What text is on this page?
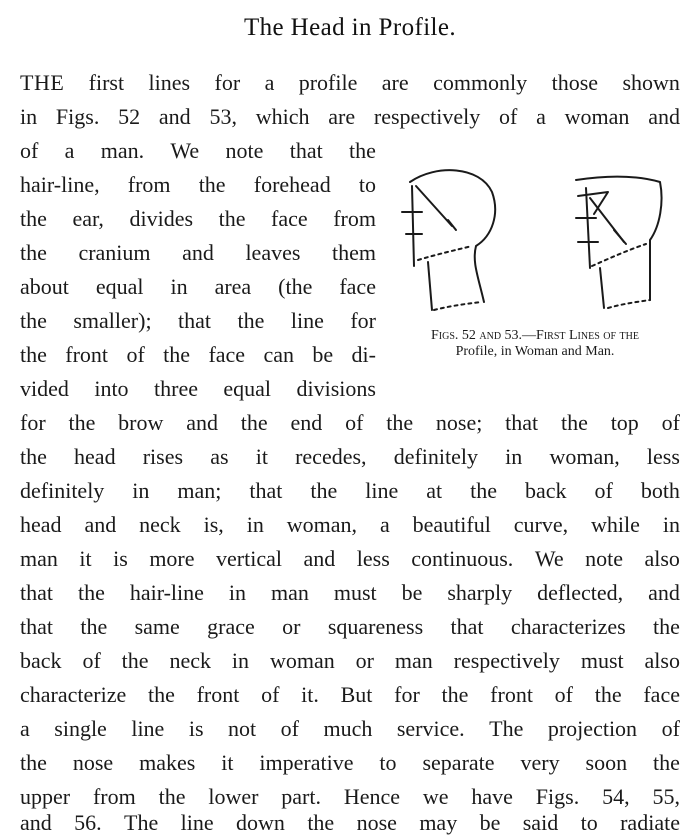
The Head in Profile.
THE first lines for a profile are commonly those shown
in Figs. 52 and 53, which are respectively of a woman and
of a man. We note that the
hair-line, from the forehead to
the ear, divides the face from
the cranium and leaves them
about equal in area (the face
the smaller); that the line for
the front of the face can be di-
vided into three equal divisions
Figs. 52 and 53.—First Lines of the
Profile, in Woman and Man.
for the brow and the end of the nose; that the top of
the head rises as it recedes, definitely in woman, less
definitely in man; that the line at the back of both
head and neck is, in woman, a beautiful curve, while in
man it is more vertical and less continuous. We note also
that the hair-line in man must be sharply deflected, and
that the same grace or squareness that characterizes the
back of the neck in woman or man respectively must also
characterize the front of it. But for the front of the face
a single line is not of much service. The projection of
the nose makes it imperative to separate very soon the
upper from the lower part. Hence we have Figs. 54, 55,
and 56. The line down the nose may be said to radiate
